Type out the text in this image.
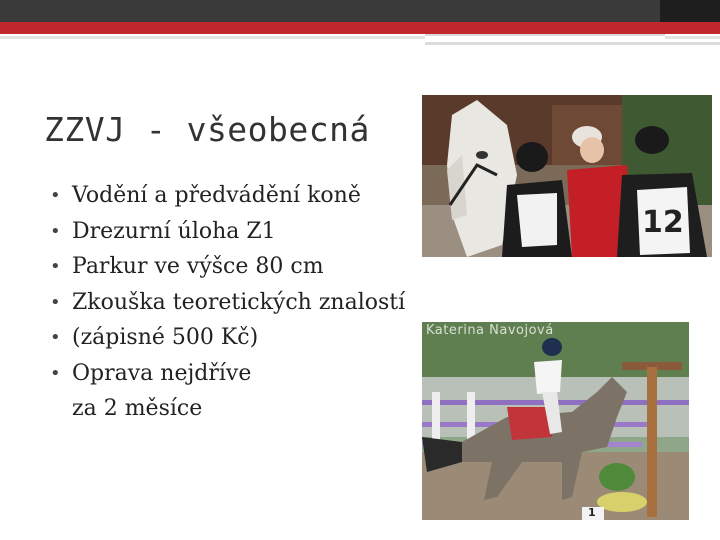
ZZVJ - všeobecná
• Vodění a předvádění koně
• Drezurní úloha Z1
• Parkur ve výšce 80 cm
• Zkouška teoretických znalostí
• (zápisné 500 Kč)
• Oprava nejdříve
za 2 měsíce
12
1
Katerina Navojová
